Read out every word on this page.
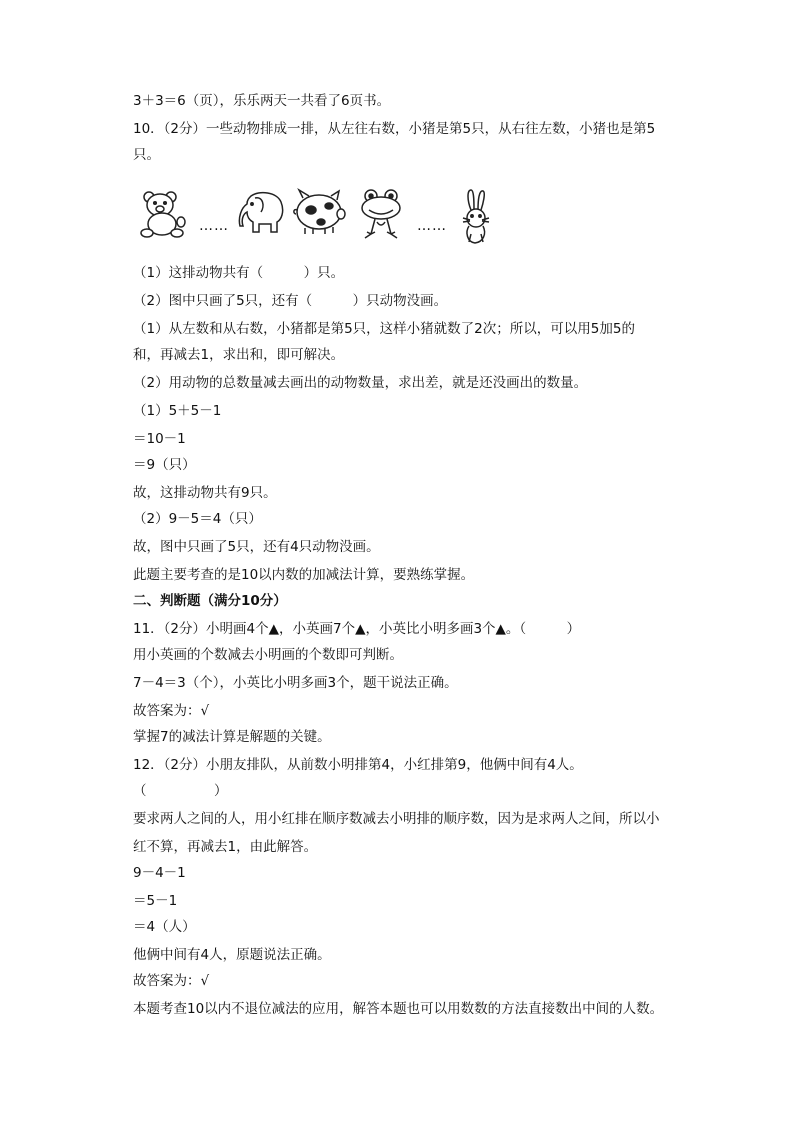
3＋3＝6（页），乐乐两天一共看了6页书。
10．（2分）一些动物排成一排，从左往右数，小猪是第5只，从右往左数，小猪也是第5
只。
……	……
（1）这排动物共有（　　　）只。
（2）图中只画了5只，还有（　　　）只动物没画。
（1）从左数和从右数，小猪都是第5只，这样小猪就数了2次；所以，可以用5加5的
和，再减去1，求出和，即可解决。
（2）用动物的总数量减去画出的动物数量，求出差，就是还没画出的数量。
（1）5＋5－1
＝10－1
＝9（只）
故，这排动物共有9只。
（2）9－5＝4（只）
故，图中只画了5只，还有4只动物没画。
此题主要考查的是10以内数的加减法计算，要熟练掌握。
二、判断题（满分10分）
11．（2分）小明画4个▲，小英画7个▲，小英比小明多画3个▲。（　　　）
用小英画的个数减去小明画的个数即可判断。
7－4＝3（个），小英比小明多画3个，题干说法正确。
故答案为：√
掌握7的减法计算是解题的关键。
12．（2分）小朋友排队，从前数小明排第4，小红排第9，他俩中间有4人。
（　　　　　）
要求两人之间的人，用小红排在顺序数减去小明排的顺序数，因为是求两人之间，所以小
红不算，再减去1，由此解答。
9－4－1
＝5－1
＝4（人）
他俩中间有4人，原题说法正确。
故答案为：√
本题考查10以内不退位减法的应用，解答本题也可以用数数的方法直接数出中间的人数。
